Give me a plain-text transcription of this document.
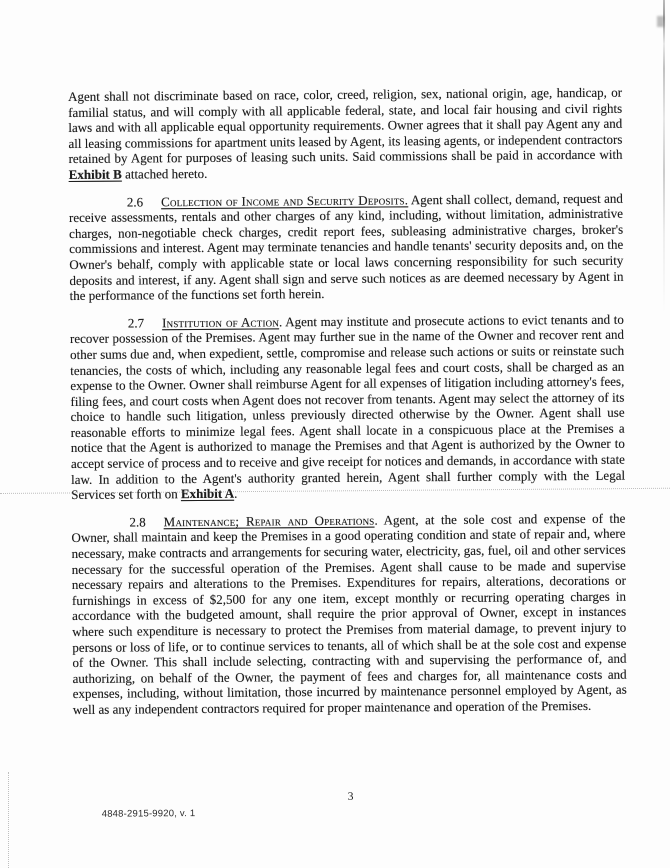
Agent shall not discriminate based on race, color, creed, religion, sex, national origin, age, handicap, or familial status, and will comply with all applicable federal, state, and local fair housing and civil rights laws and with all applicable equal opportunity requirements. Owner agrees that it shall pay Agent any and all leasing commissions for apartment units leased by Agent, its leasing agents, or independent contractors retained by Agent for purposes of leasing such units. Said commissions shall be paid in accordance with Exhibit B attached hereto.

2.6 Collection of Income and Security Deposits. Agent shall collect, demand, request and receive assessments, rentals and other charges of any kind, including, without limitation, administrative charges, non-negotiable check charges, credit report fees, subleasing administrative charges, broker's commissions and interest. Agent may terminate tenancies and handle tenants' security deposits and, on the Owner's behalf, comply with applicable state or local laws concerning responsibility for such security deposits and interest, if any. Agent shall sign and serve such notices as are deemed necessary by Agent in the performance of the functions set forth herein.

2.7 Institution of Action. Agent may institute and prosecute actions to evict tenants and to recover possession of the Premises. Agent may further sue in the name of the Owner and recover rent and other sums due and, when expedient, settle, compromise and release such actions or suits or reinstate such tenancies, the costs of which, including any reasonable legal fees and court costs, shall be charged as an expense to the Owner. Owner shall reimburse Agent for all expenses of litigation including attorney's fees, filing fees, and court costs when Agent does not recover from tenants. Agent may select the attorney of its choice to handle such litigation, unless previously directed otherwise by the Owner. Agent shall use reasonable efforts to minimize legal fees. Agent shall locate in a conspicuous place at the Premises a notice that the Agent is authorized to manage the Premises and that Agent is authorized by the Owner to accept service of process and to receive and give receipt for notices and demands, in accordance with state law. In addition to the Agent's authority granted herein, Agent shall further comply with the Legal Services set forth on Exhibit A.

2.8 Maintenance; Repair and Operations. Agent, at the sole cost and expense of the Owner, shall maintain and keep the Premises in a good operating condition and state of repair and, where necessary, make contracts and arrangements for securing water, electricity, gas, fuel, oil and other services necessary for the successful operation of the Premises. Agent shall cause to be made and supervise necessary repairs and alterations to the Premises. Expenditures for repairs, alterations, decorations or furnishings in excess of $2,500 for any one item, except monthly or recurring operating charges in accordance with the budgeted amount, shall require the prior approval of Owner, except in instances where such expenditure is necessary to protect the Premises from material damage, to prevent injury to persons or loss of life, or to continue services to tenants, all of which shall be at the sole cost and expense of the Owner. This shall include selecting, contracting with and supervising the performance of, and authorizing, on behalf of the Owner, the payment of fees and charges for, all maintenance costs and expenses, including, without limitation, those incurred by maintenance personnel employed by Agent, as well as any independent contractors required for proper maintenance and operation of the Premises.

3
4848-2915-9920, v. 1
